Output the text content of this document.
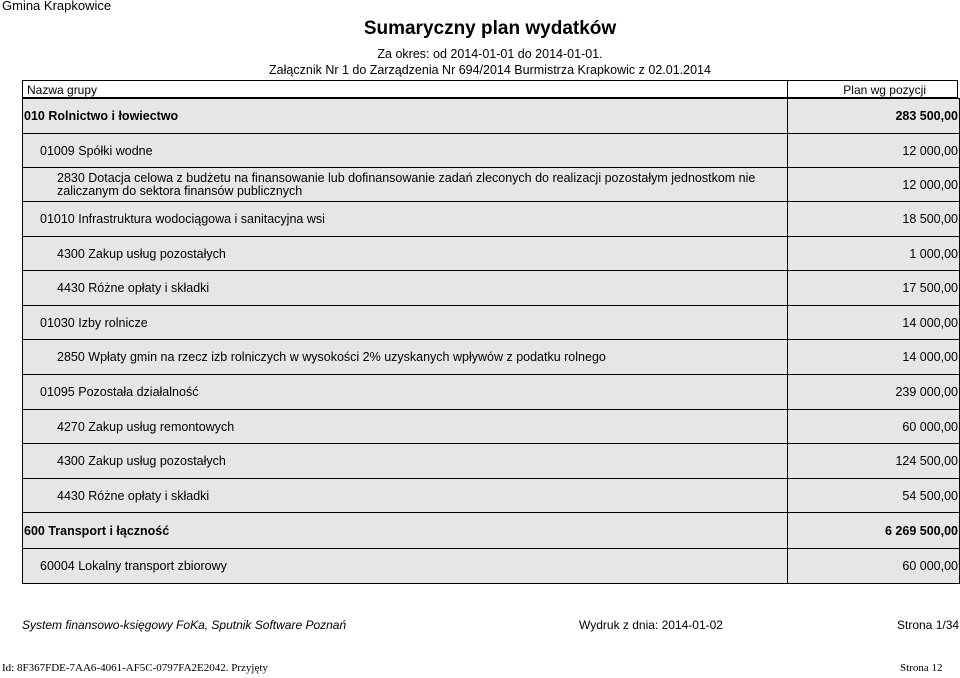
Gmina Krapkowice
Sumaryczny plan wydatków
Za okres: od 2014-01-01 do 2014-01-01.
Załącznik Nr 1 do Zarządzenia Nr 694/2014 Burmistrza Krapkowic z 02.01.2014
Nazwa grupy	Plan wg pozycji
010 Rolnictwo i łowiectwo	283 500,00
01009 Spółki wodne	12 000,00
2830 Dotacja celowa z budżetu na finansowanie lub dofinansowanie zadań zleconych do realizacji pozostałym jednostkom nie zaliczanym do sektora finansów publicznych	12 000,00
01010 Infrastruktura wodociągowa i sanitacyjna wsi	18 500,00
4300 Zakup usług pozostałych	1 000,00
4430 Różne opłaty i składki	17 500,00
01030 Izby rolnicze	14 000,00
2850 Wpłaty gmin na rzecz izb rolniczych w wysokości 2% uzyskanych wpływów z podatku rolnego	14 000,00
01095 Pozostała działalność	239 000,00
4270 Zakup usług remontowych	60 000,00
4300 Zakup usług pozostałych	124 500,00
4430 Różne opłaty i składki	54 500,00
600 Transport i łączność	6 269 500,00
60004 Lokalny transport zbiorowy	60 000,00
System finansowo-księgowy FoKa, Sputnik Software Poznań	Wydruk z dnia: 2014-01-02	Strona 1/34
Id: 8F367FDE-7AA6-4061-AF5C-0797FA2E2042. Przyjęty	Strona 12
